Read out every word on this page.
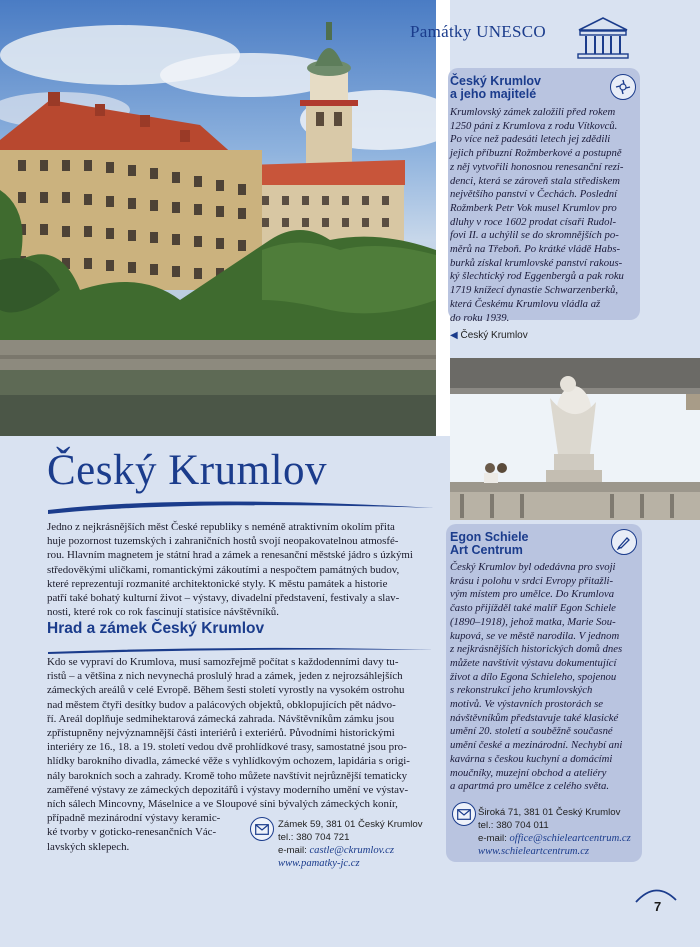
Památky UNESCO
Český Krumlov
a jeho majitelé
Krumlovský zámek založili před rokem
1250 páni z Krumlova z rodu Vítkovců.
Po více než padesáti letech jej zdědili
jejich příbuzní Rožmberkové a postupně
z něj vytvořili honosnou renesanční rezi-
denci, která se zároveň stala střediskem
největšího panství v Čechách. Poslední
Rožmberk Petr Vok musel Krumlov pro
dluhy v roce 1602 prodat císaři Rudol-
fovi II. a uchýlil se do skromnějších po-
měrů na Třeboň. Po krátké vládě Habs-
burků získal krumlovské panství rakous-
ký šlechtický rod Eggenbergů a pak roku
1719 knížecí dynastie Schwarzenberků,
která Českému Krumlovu vládla až
do roku 1939.
◀ Český Krumlov
Egon Schiele
Art Centrum
Český Krumlov byl odedávna pro svoji
krásu i polohu v srdci Evropy přitažli-
vým místem pro umělce. Do Krumlova
často přijížděl také malíř Egon Schiele
(1890–1918), jehož matka, Marie Sou-
kupová, se ve městě narodila. V jednom
z nejkrásnějších historických domů dnes
můžete navštívit výstavu dokumentující
život a dílo Egona Schieleho, spojenou
s rekonstrukcí jeho krumlovských
motivů. Ve výstavních prostorách se
návštěvníkům představuje také klasické
umění 20. století a souběžně současné
umění české a mezinárodní. Nechybí ani
kavárna s českou kuchyní a domácími
moučníky, muzejní obchod a ateliéry
a apartmá pro umělce z celého světa.
Široká 71, 381 01 Český Krumlov
tel.: 380 704 011
e-mail: office@schieleartcentrum.cz
www.schieleartcentrum.cz
Český Krumlov
Jedno z nejkrásnějších měst České republiky s neméně atraktivním okolím přita
huje pozornost tuzemských i zahraničních hostů svojí neopakovatelnou atmosfé-
rou. Hlavním magnetem je státní hrad a zámek a renesanční městské jádro s úzkými
středověkými uličkami, romantickými zákoutími a nespočtem památných budov,
které reprezentují rozmanité architektonické styly. K městu památek a historie
patří také bohatý kulturní život – výstavy, divadelní představení, festivaly a slav-
nosti, které rok co rok fascinují statisíce návštěvníků.
Hrad a zámek Český Krumlov
Kdo se vypraví do Krumlova, musí samozřejmě počítat s každodenními davy tu-
ristů – a většina z nich nevynechá proslulý hrad a zámek, jeden z nejrozsáhlejších
zámeckých areálů v celé Evropě. Během šesti století vyrostly na vysokém ostrohu
nad městem čtyři desítky budov a palácových objektů, obklopujících pět nádvo-
ří. Areál doplňuje sedmihektarová zámecká zahrada. Návštěvníkům zámku jsou
zpřístupněny nejvýznamnější části interiérů i exteriérů. Původními historickými
interiéry ze 16., 18. a 19. století vedou dvě prohlídkové trasy, samostatné jsou pro-
hlídky barokního divadla, zámecké věže s vyhlídkovým ochozem, lapidária s origi-
nály barokních soch a zahrady. Kromě toho můžete navštívit nejrůznější tematicky
zaměřené výstavy ze zámeckých depozitářů i výstavy moderního umění ve výstav-
ních sálech Mincovny, Máselnice a ve Sloupové síni bývalých zámeckých konír,
případně mezinárodní výstavy keramic-
ké tvorby v goticko-renesančních Vác-
lavských sklepech.
Zámek 59, 381 01 Český Krumlov
tel.: 380 704 721
e-mail: castle@ckrumlov.cz
www.pamatky-jc.cz
7
